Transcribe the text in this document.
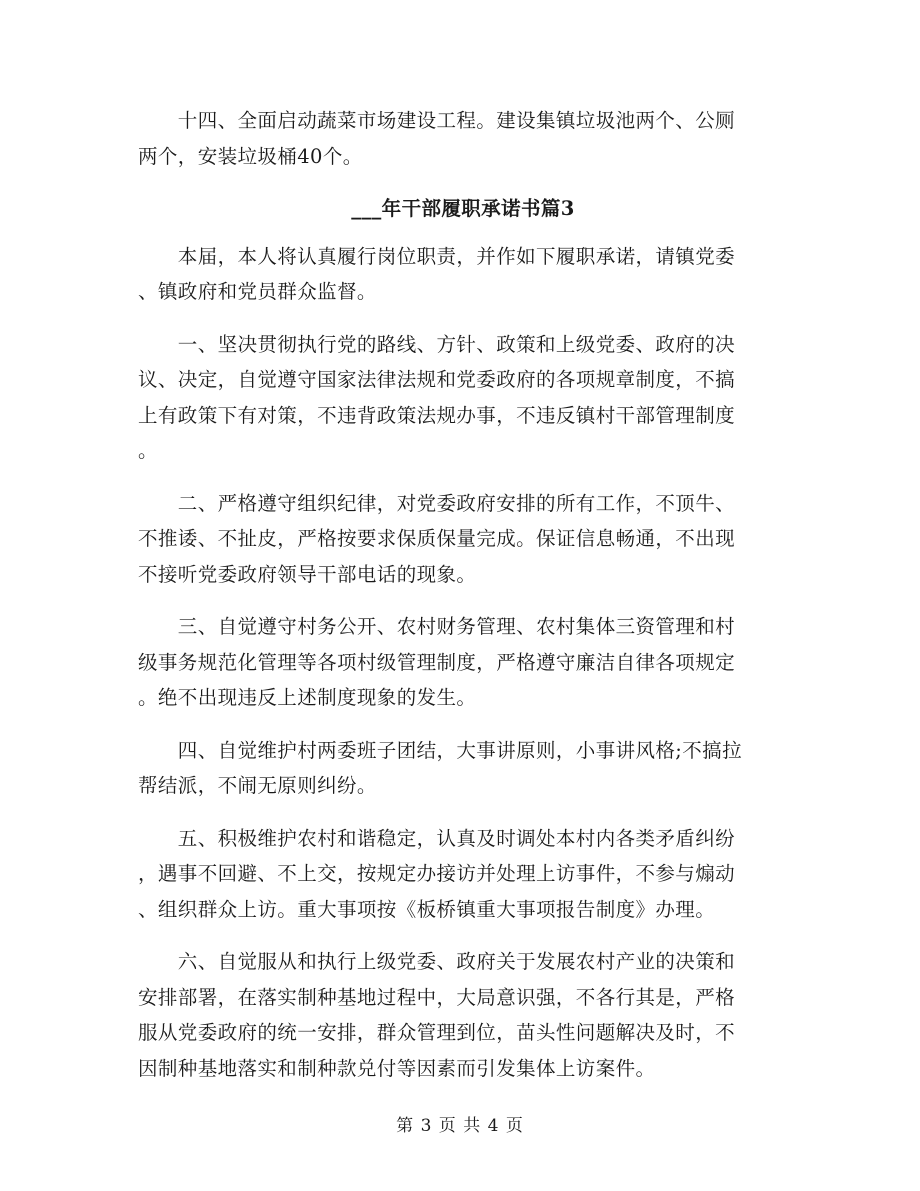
　　十四、全面启动蔬菜市场建设工程。建设集镇垃圾池两个、公厕
两个，安装垃圾桶40个。
___年干部履职承诺书篇3
　　本届，本人将认真履行岗位职责，并作如下履职承诺，请镇党委
、镇政府和党员群众监督。
　　一、坚决贯彻执行党的路线、方针、政策和上级党委、政府的决
议、决定，自觉遵守国家法律法规和党委政府的各项规章制度，不搞
上有政策下有对策，不违背政策法规办事，不违反镇村干部管理制度
。
　　二、严格遵守组织纪律，对党委政府安排的所有工作，不顶牛、
不推诿、不扯皮，严格按要求保质保量完成。保证信息畅通，不出现
不接听党委政府领导干部电话的现象。
　　三、自觉遵守村务公开、农村财务管理、农村集体三资管理和村
级事务规范化管理等各项村级管理制度，严格遵守廉洁自律各项规定
。绝不出现违反上述制度现象的发生。
　　四、自觉维护村两委班子团结，大事讲原则，小事讲风格;不搞拉
帮结派，不闹无原则纠纷。
　　五、积极维护农村和谐稳定，认真及时调处本村内各类矛盾纠纷
，遇事不回避、不上交，按规定办接访并处理上访事件，不参与煽动
、组织群众上访。重大事项按《板桥镇重大事项报告制度》办理。
　　六、自觉服从和执行上级党委、政府关于发展农村产业的决策和
安排部署，在落实制种基地过程中，大局意识强，不各行其是，严格
服从党委政府的统一安排，群众管理到位，苗头性问题解决及时，不
因制种基地落实和制种款兑付等因素而引发集体上访案件。
第 3 页 共 4 页
